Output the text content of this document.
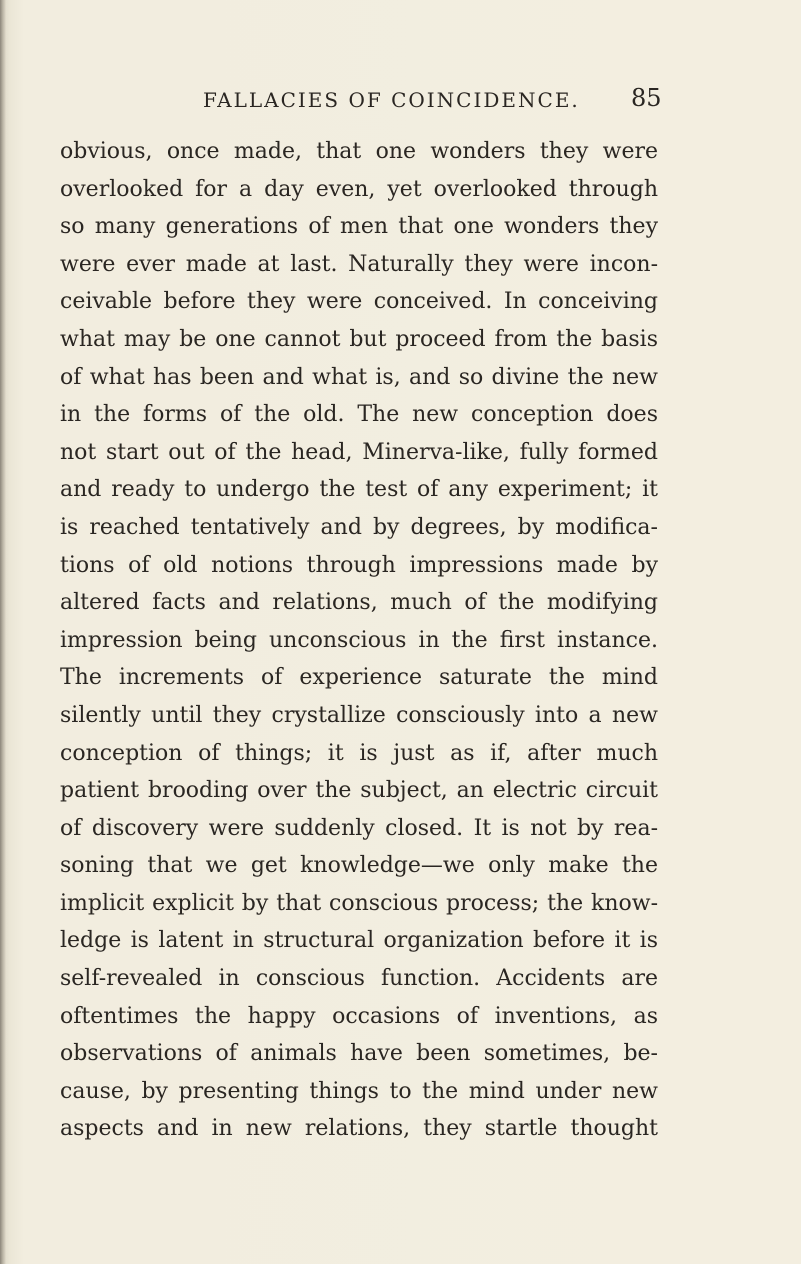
FALLACIES OF COINCIDENCE. 85
obvious, once made, that one wonders they were
overlooked for a day even, yet overlooked through
so many generations of men that one wonders they
were ever made at last. Naturally they were incon-
ceivable before they were conceived. In conceiving
what may be one cannot but proceed from the basis
of what has been and what is, and so divine the new
in the forms of the old. The new conception does
not start out of the head, Minerva-like, fully formed
and ready to undergo the test of any experiment; it
is reached tentatively and by degrees, by modifica-
tions of old notions through impressions made by
altered facts and relations, much of the modifying
impression being unconscious in the first instance.
The increments of experience saturate the mind
silently until they crystallize consciously into a new
conception of things; it is just as if, after much
patient brooding over the subject, an electric circuit
of discovery were suddenly closed. It is not by rea-
soning that we get knowledge—we only make the
implicit explicit by that conscious process; the know-
ledge is latent in structural organization before it is
self-revealed in conscious function. Accidents are
oftentimes the happy occasions of inventions, as
observations of animals have been sometimes, be-
cause, by presenting things to the mind under new
aspects and in new relations, they startle thought
